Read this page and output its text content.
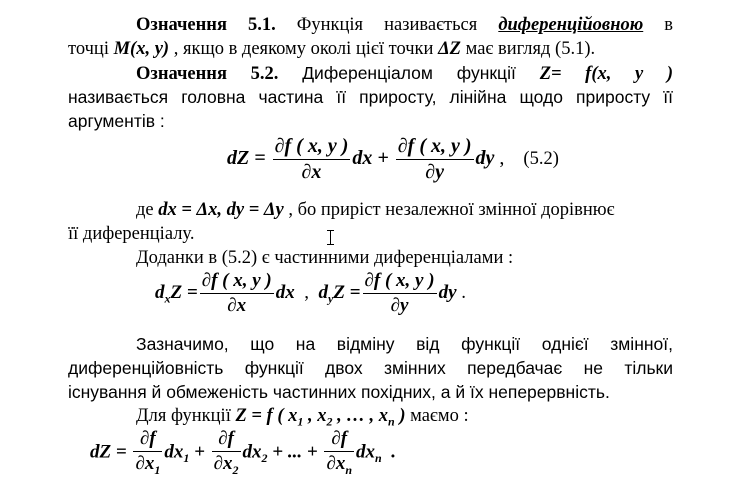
Означення 5.1. Функція називається диференційовною в
точці M(x, y) , якщо в деякому околі цієї точки ΔZ має вигляд (5.1).
Означення 5.2. Диференціалом функції Z= f(x, y )
називається головна частина її приросту, лінійна щодо приросту її
аргументів :
dZ = $\frac{\partial f ( x, y )}{\partial x}$ dx + $\frac{\partial f ( x, y )}{\partial y}$ dy , (5.2)
де dx = Δx, dy = Δy , бо приріст незалежної змінної дорівнює
її диференціалу.
Доданки в (5.2) є частинними диференціалами :
$d_xZ = \frac{\partial f ( x, y )}{\partial x}$ dx  ,  $d_yZ = \frac{\partial f ( x, y )}{\partial y}$ dy .
Зазначимо, що на відміну від функції однієї змінної,
диференційовність функції двох змінних передбачає не тільки
існування й обмеженість частинних похідних, а й їх неперервність.
Для функції Z = f ( $x_1$ , $x_2$ , … , $x_n$ ) маємо :
dZ = $\frac{\partial f}{\partial x_1} dx_1 + \frac{\partial f}{\partial x_2} dx_2$ + ... + $\frac{\partial f}{\partial x_n} dx_n$  .
